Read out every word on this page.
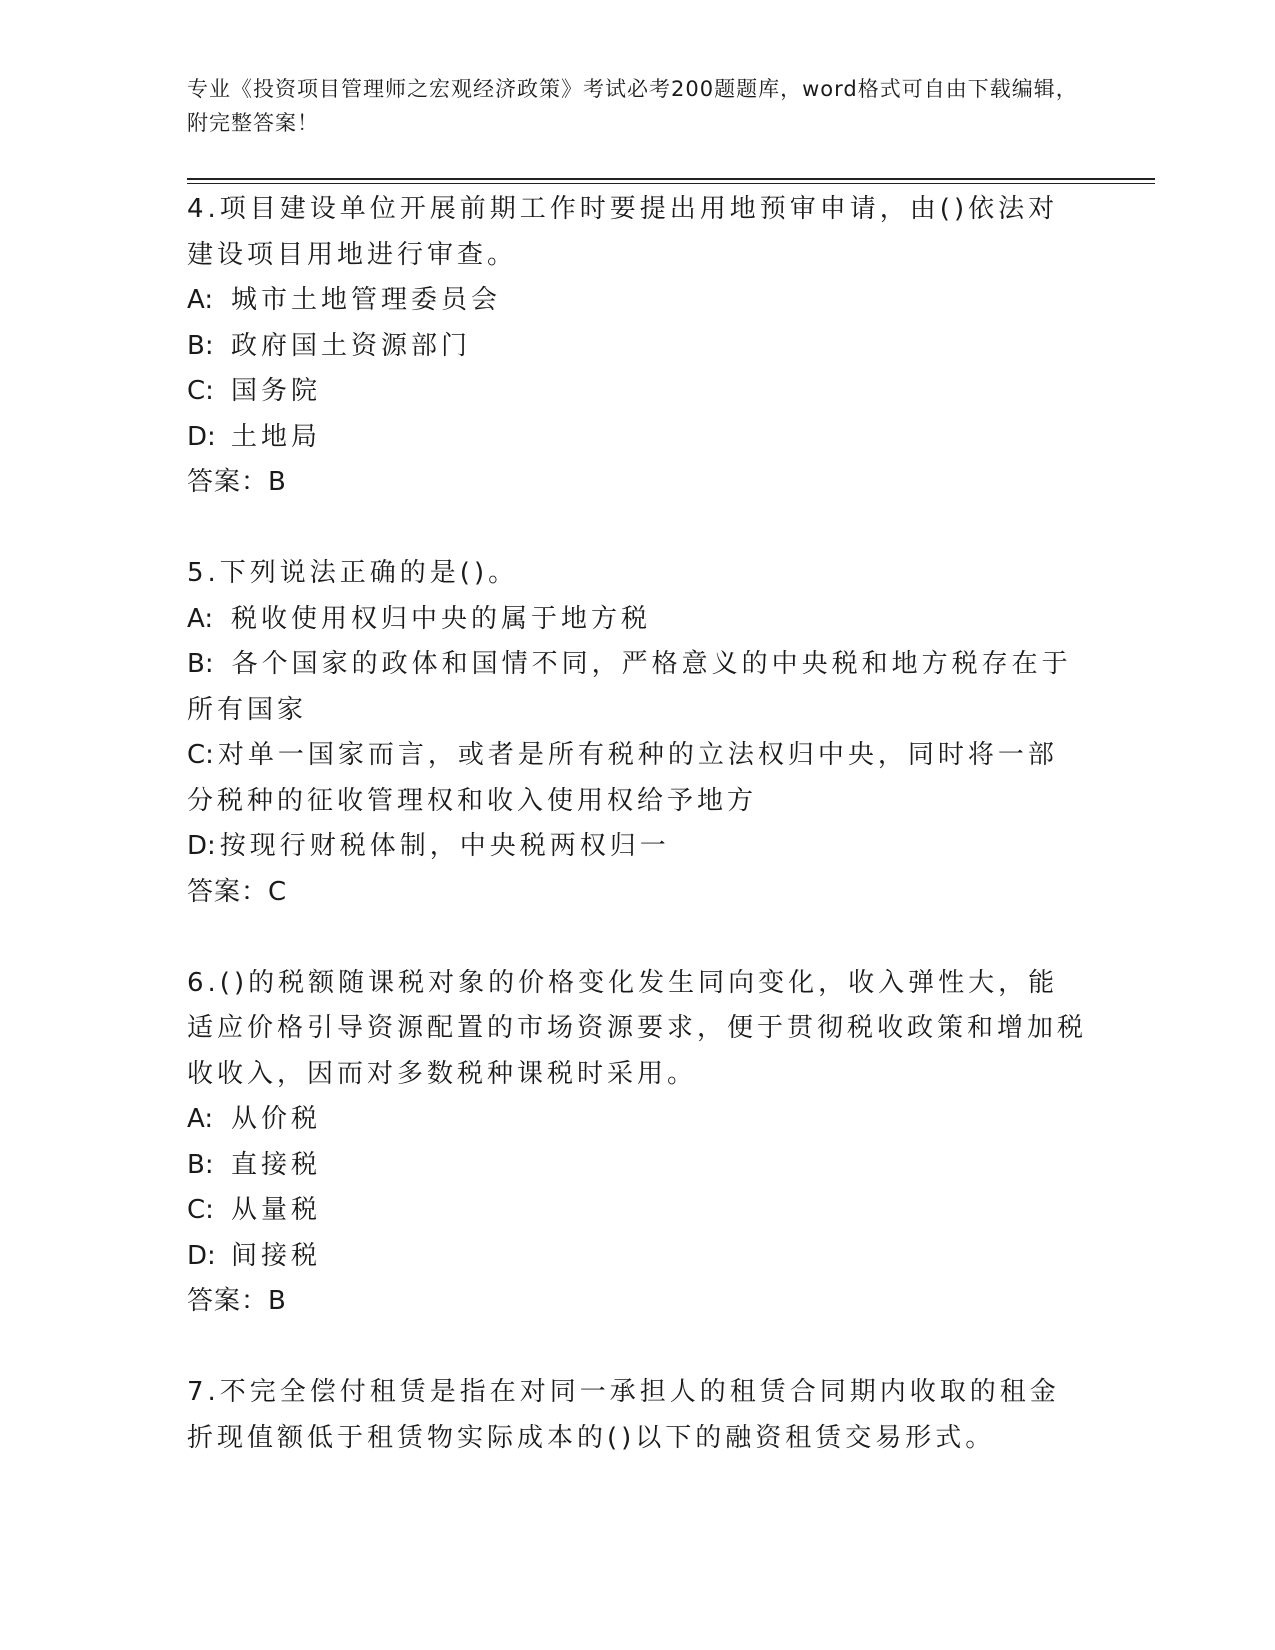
专业《投资项目管理师之宏观经济政策》考试必考200题题库，word格式可自由下载编辑，附完整答案！
4.项目建设单位开展前期工作时要提出用地预审申请，由()依法对建设项目用地进行审查。
A: 城市土地管理委员会
B: 政府国土资源部门
C: 国务院
D: 土地局
答案：B
5.下列说法正确的是()。
A: 税收使用权归中央的属于地方税
B: 各个国家的政体和国情不同，严格意义的中央税和地方税存在于所有国家
C: 对单一国家而言，或者是所有税种的立法权归中央，同时将一部分税种的征收管理权和收入使用权给予地方
D: 按现行财税体制，中央税两权归一
答案：C
6.()的税额随课税对象的价格变化发生同向变化，收入弹性大，能适应价格引导资源配置的市场资源要求，便于贯彻税收政策和增加税收收入，因而对多数税种课税时采用。
A: 从价税
B: 直接税
C: 从量税
D: 间接税
答案：B
7.不完全偿付租赁是指在对同一承担人的租赁合同期内收取的租金折现值额低于租赁物实际成本的()以下的融资租赁交易形式。
